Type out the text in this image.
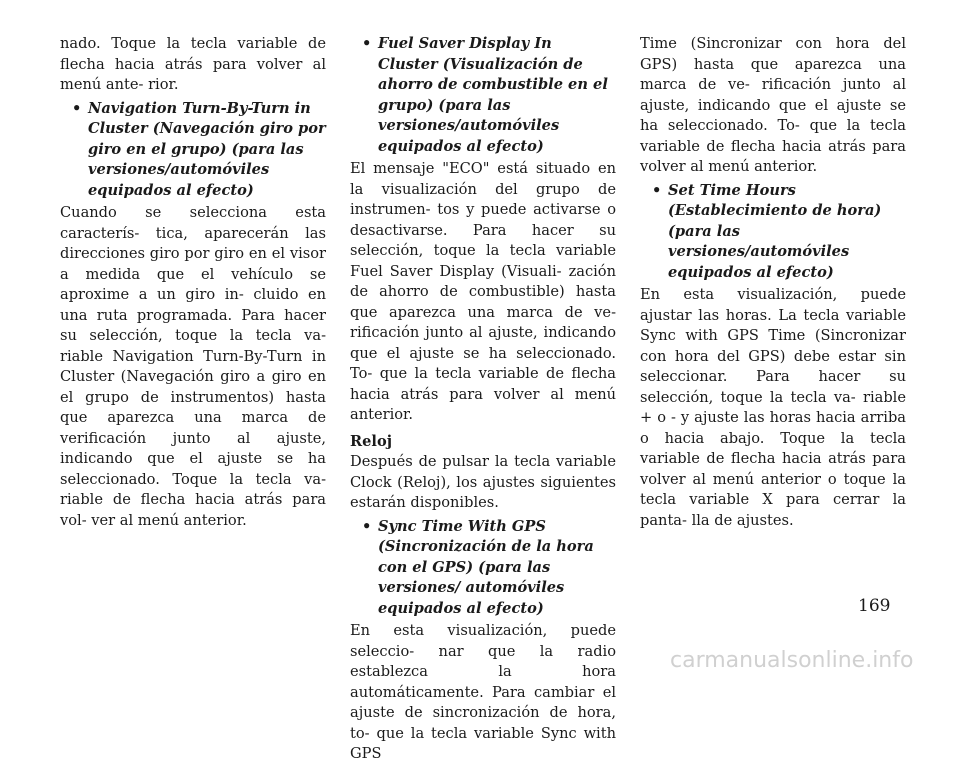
nado. Toque la tecla variable de flecha hacia atrás para volver al menú ante- rior.

• Navigation Turn-By-Turn in Cluster (Navegación giro por giro en el grupo) (para las versiones/automóviles equipados al efecto)

Cuando se selecciona esta caracterís- tica, aparecerán las direcciones giro por giro en el visor a medida que el vehículo se aproxime a un giro in- cluido en una ruta programada. Para hacer su selección, toque la tecla va- riable Navigation Turn-By-Turn in Cluster (Navegación giro a giro en el grupo de instrumentos) hasta que aparezca una marca de verificación junto al ajuste, indicando que el ajuste se ha seleccionado. Toque la tecla va- riable de flecha hacia atrás para vol- ver al menú anterior.

• Fuel Saver Display In Cluster (Visualización de ahorro de combustible en el grupo) (para las versiones/automóviles equipados al efecto)

El mensaje "ECO" está situado en la visualización del grupo de instrumen- tos y puede activarse o desactivarse. Para hacer su selección, toque la tecla variable Fuel Saver Display (Visuali- zación de ahorro de combustible) hasta que aparezca una marca de ve- rificación junto al ajuste, indicando que el ajuste se ha seleccionado. To- que la tecla variable de flecha hacia atrás para volver al menú anterior.

Reloj

Después de pulsar la tecla variable Clock (Reloj), los ajustes siguientes estarán disponibles.

• Sync Time With GPS (Sincronización de la hora con el GPS) (para las versiones/ automóviles equipados al efecto)

En esta visualización, puede seleccio- nar que la radio establezca la hora automáticamente. Para cambiar el ajuste de sincronización de hora, to- que la tecla variable Sync with GPS

Time (Sincronizar con hora del GPS) hasta que aparezca una marca de ve- rificación junto al ajuste, indicando que el ajuste se ha seleccionado. To- que la tecla variable de flecha hacia atrás para volver al menú anterior.

• Set Time Hours (Establecimiento de hora) (para las versiones/automóviles equipados al efecto)

En esta visualización, puede ajustar las horas. La tecla variable Sync with GPS Time (Sincronizar con hora del GPS) debe estar sin seleccionar. Para hacer su selección, toque la tecla va- riable + o - y ajuste las horas hacia arriba o hacia abajo. Toque la tecla variable de flecha hacia atrás para volver al menú anterior o toque la tecla variable X para cerrar la panta- lla de ajustes.

169
carmanualsonline.info
